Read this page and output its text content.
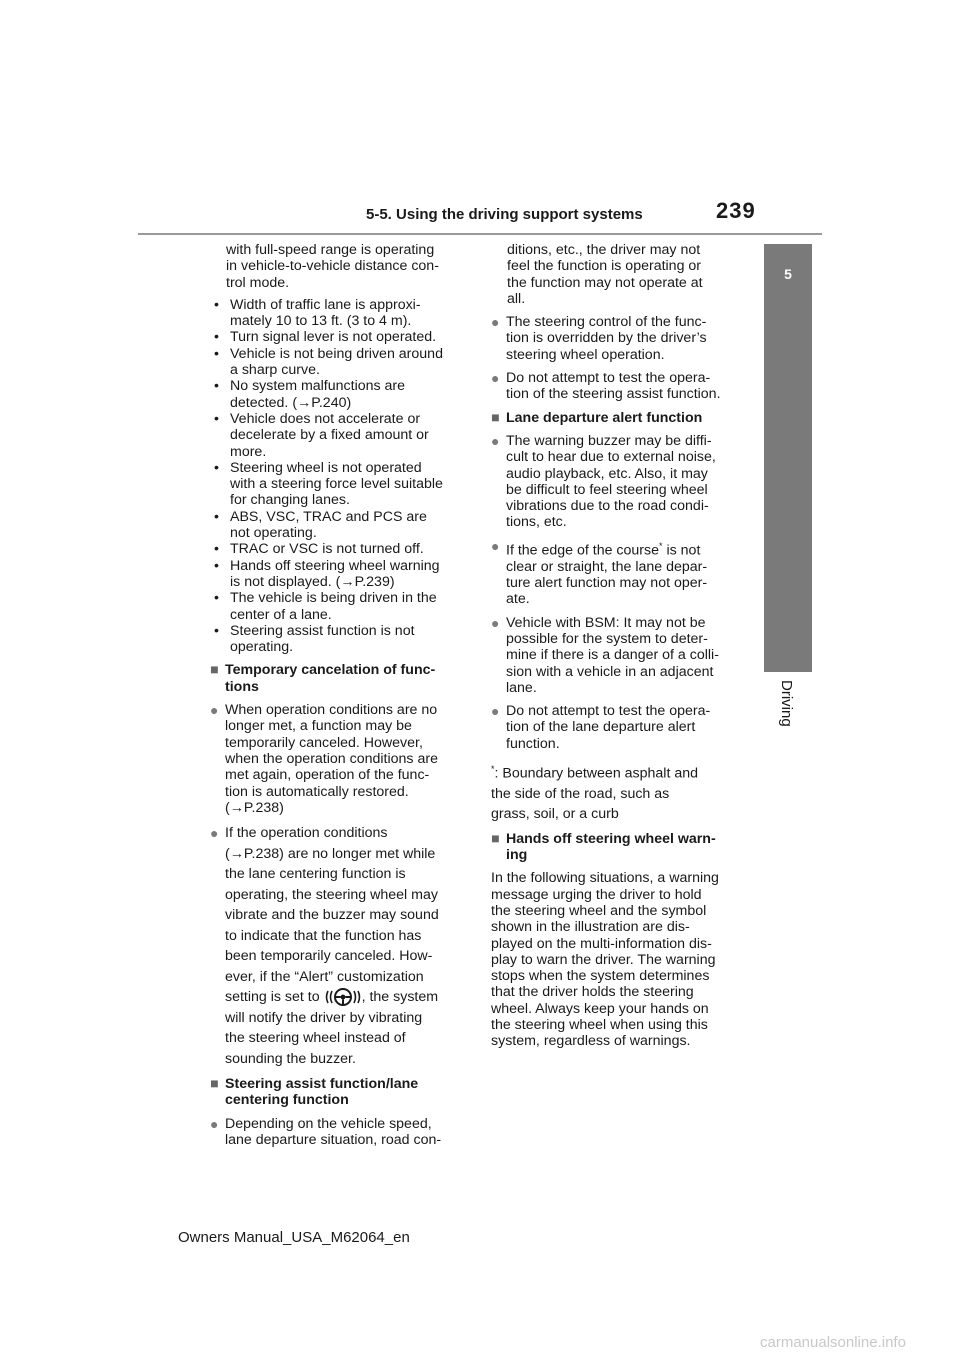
5-5. Using the driving support systems	239
5
Driving
with full-speed range is operating
in vehicle-to-vehicle distance con-
trol mode.
• Width of traffic lane is approxi-
mately 10 to 13 ft. (3 to 4 m).
• Turn signal lever is not operated.
• Vehicle is not being driven around
a sharp curve.
• No system malfunctions are
detected. (→P.240)
• Vehicle does not accelerate or
decelerate by a fixed amount or
more.
• Steering wheel is not operated
with a steering force level suitable
for changing lanes.
• ABS, VSC, TRAC and PCS are
not operating.
• TRAC or VSC is not turned off.
• Hands off steering wheel warning
is not displayed. (→P.239)
• The vehicle is being driven in the
center of a lane.
• Steering assist function is not
operating.
■ Temporary cancelation of func-
tions
● When operation conditions are no
longer met, a function may be
temporarily canceled. However,
when the operation conditions are
met again, operation of the func-
tion is automatically restored.
(→P.238)
● If the operation conditions
(→P.238) are no longer met while
the lane centering function is
operating, the steering wheel may
vibrate and the buzzer may sound
to indicate that the function has
been temporarily canceled. How-
ever, if the “Alert” customization
setting is set to	, the system
will notify the driver by vibrating
the steering wheel instead of
sounding the buzzer.
■ Steering assist function/lane
centering function
● Depending on the vehicle speed,
lane departure situation, road con-
ditions, etc., the driver may not
feel the function is operating or
the function may not operate at
all.
● The steering control of the func-
tion is overridden by the driver’s
steering wheel operation.
● Do not attempt to test the opera-
tion of the steering assist function.
■ Lane departure alert function
● The warning buzzer may be diffi-
cult to hear due to external noise,
audio playback, etc. Also, it may
be difficult to feel steering wheel
vibrations due to the road condi-
tions, etc.
● If the edge of the course* is not
clear or straight, the lane depar-
ture alert function may not oper-
ate.
● Vehicle with BSM: It may not be
possible for the system to deter-
mine if there is a danger of a colli-
sion with a vehicle in an adjacent
lane.
● Do not attempt to test the opera-
tion of the lane departure alert
function.
*: Boundary between asphalt and
the side of the road, such as
grass, soil, or a curb
■ Hands off steering wheel warn-
ing
In the following situations, a warning
message urging the driver to hold
the steering wheel and the symbol
shown in the illustration are dis-
played on the multi-information dis-
play to warn the driver. The warning
stops when the system determines
that the driver holds the steering
wheel. Always keep your hands on
the steering wheel when using this
system, regardless of warnings.
Owners Manual_USA_M62064_en
carmanualsonline.info
